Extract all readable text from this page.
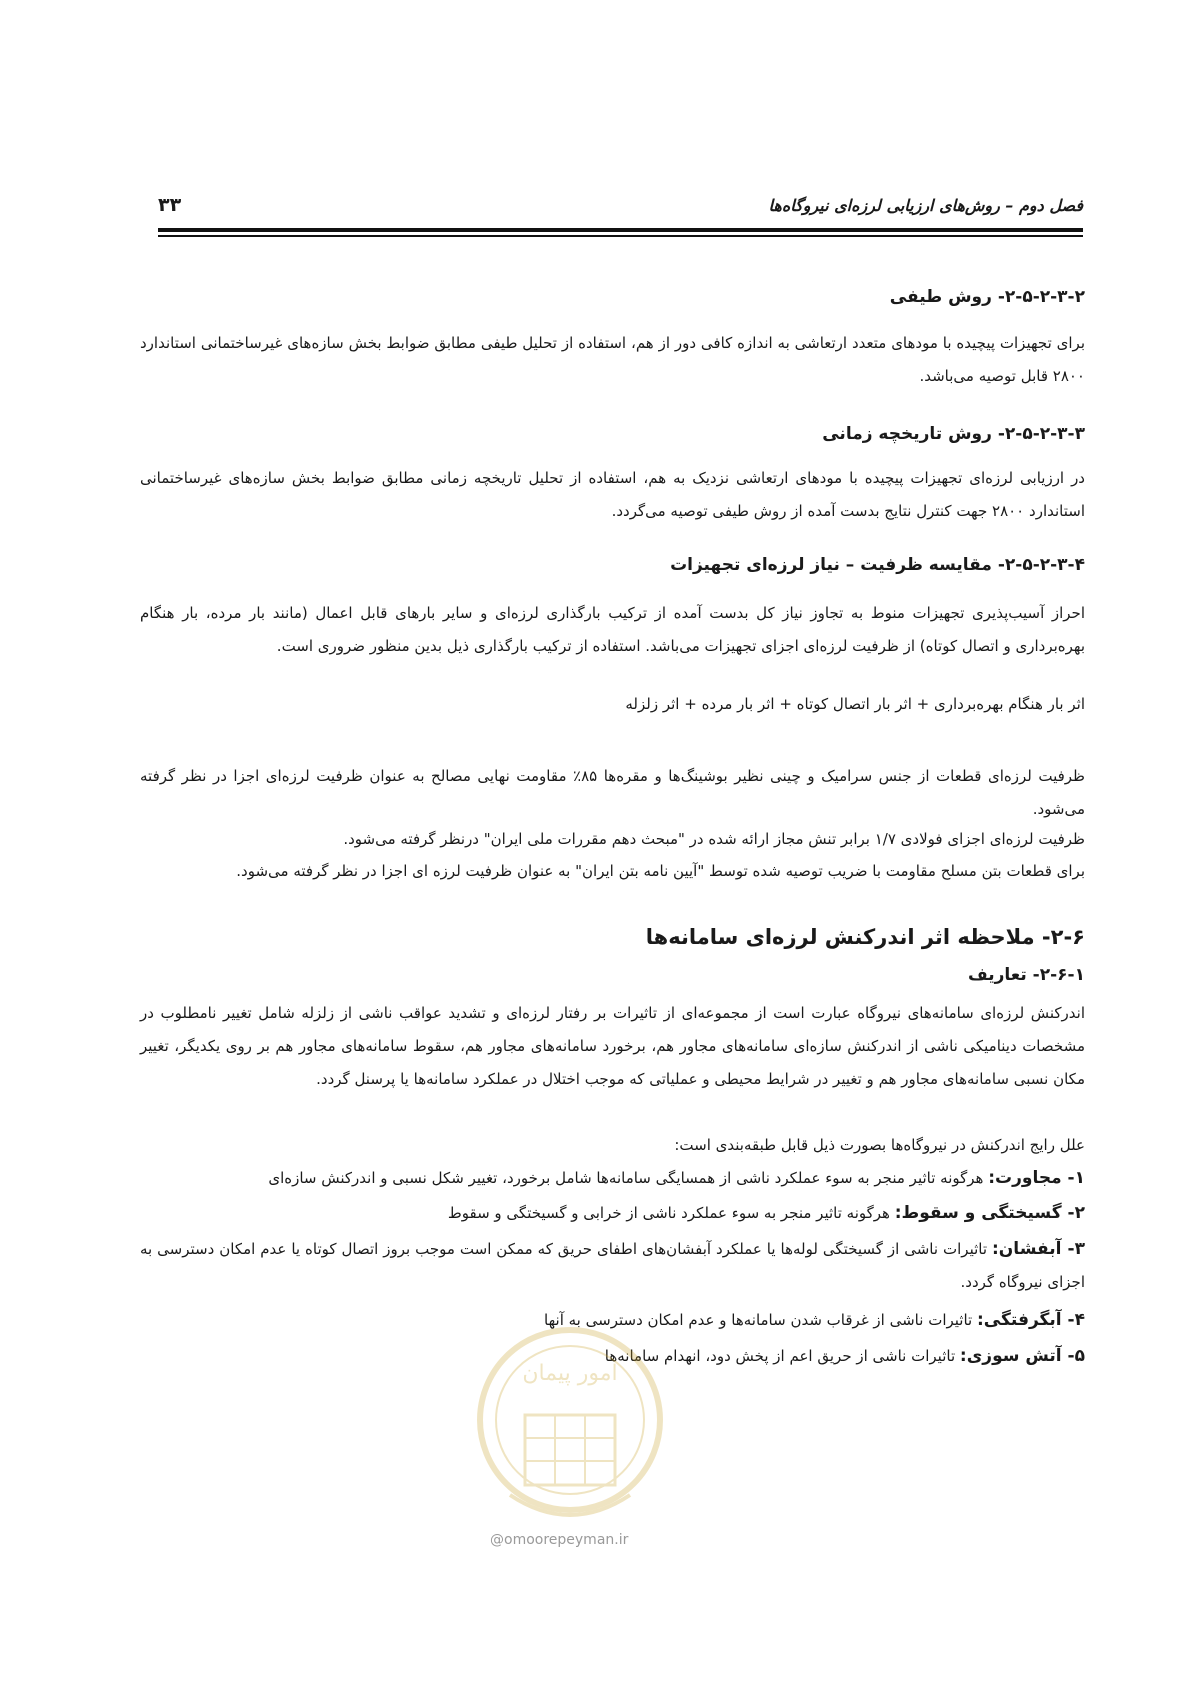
فصل دوم – روش‌های ارزیابی لرزه‌ای نیروگاه‌ها
۳۳
۲-۵-۲-۳-۲- روش طیفی
برای تجهیزات پیچیده با مودهای متعدد ارتعاشی به اندازه کافی دور از هم، استفاده از تحلیل طیفی مطابق ضوابط بخش سازه‌های غیرساختمانی استاندارد ۲۸۰۰ قابل توصیه می‌باشد.
۲-۵-۲-۳-۳- روش تاریخچه زمانی
در ارزیابی لرزه‌ای تجهیزات پیچیده با مودهای ارتعاشی نزدیک به هم، استفاده از تحلیل تاریخچه زمانی مطابق ضوابط بخش سازه‌های غیرساختمانی استاندارد ۲۸۰۰ جهت کنترل نتایج بدست آمده از روش طیفی توصیه می‌گردد.
۲-۵-۲-۳-۴- مقایسه ظرفیت – نیاز لرزه‌ای تجهیزات
احراز آسیب‌پذیری تجهیزات منوط به تجاوز نیاز کل بدست آمده از ترکیب بارگذاری لرزه‌ای و سایر بارهای قابل اعمال (مانند بار مرده، بار هنگام بهره‌برداری و اتصال کوتاه) از ظرفیت لرزه‌ای اجزای تجهیزات می‌باشد. استفاده از ترکیب بارگذاری ذیل بدین منظور ضروری است.
اثر بار هنگام بهره‌برداری + اثر بار اتصال کوتاه + اثر بار مرده + اثر زلزله
ظرفیت لرزه‌ای قطعات از جنس سرامیک و چینی نظیر بوشینگ‌ها و مقره‌ها ۸۵٪ مقاومت نهایی مصالح به عنوان ظرفیت لرزه‌ای اجزا در نظر گرفته می‌شود.
ظرفیت لرزه‌ای اجزای فولادی ۱/۷ برابر تنش مجاز ارائه شده در "مبحث دهم مقررات ملی ایران" درنظر گرفته می‌شود.
برای قطعات بتن مسلح مقاومت با ضریب توصیه شده توسط "آیین نامه بتن ایران" به عنوان ظرفیت لرزه ای اجزا در نظر گرفته می‌شود.
۲-۶- ملاحظه اثر اندرکنش لرزه‌ای سامانه‌ها
۲-۶-۱- تعاریف
اندرکنش لرزه‌ای سامانه‌های نیروگاه عبارت است از مجموعه‌ای از تاثیرات بر رفتار لرزه‌ای و تشدید عواقب ناشی از زلزله شامل تغییر نامطلوب در مشخصات دینامیکی ناشی از اندرکنش سازه‌ای سامانه‌های مجاور هم، برخورد سامانه‌های مجاور هم، سقوط سامانه‌های مجاور هم بر روی یکدیگر، تغییر مکان نسبی سامانه‌های مجاور هم و تغییر در شرایط محیطی و عملیاتی که موجب اختلال در عملکرد سامانه‌ها یا پرسنل گردد.
علل رایج اندرکنش در نیروگاه‌ها بصورت ذیل قابل طبقه‌بندی است:
۱- مجاورت: هرگونه تاثیر منجر به سوء عملکرد ناشی از همسایگی سامانه‌ها شامل برخورد، تغییر شکل نسبی و اندرکنش سازه‌ای
۲- گسیختگی و سقوط: هرگونه تاثیر منجر به سوء عملکرد ناشی از خرابی و گسیختگی و سقوط
۳- آبفشان: تاثیرات ناشی از گسیختگی لوله‌ها یا عملکرد آبفشان‌های اطفای حریق که ممکن است موجب بروز اتصال کوتاه یا عدم امکان دسترسی به اجزای نیروگاه گردد.
۴- آبگرفتگی: تاثیرات ناشی از غرقاب شدن سامانه‌ها و عدم امکان دسترسی به آنها
۵- آتش سوزی: تاثیرات ناشی از حریق اعم از پخش دود، انهدام سامانه‌ها
امور پیمان
@omoorepeyman.ir
